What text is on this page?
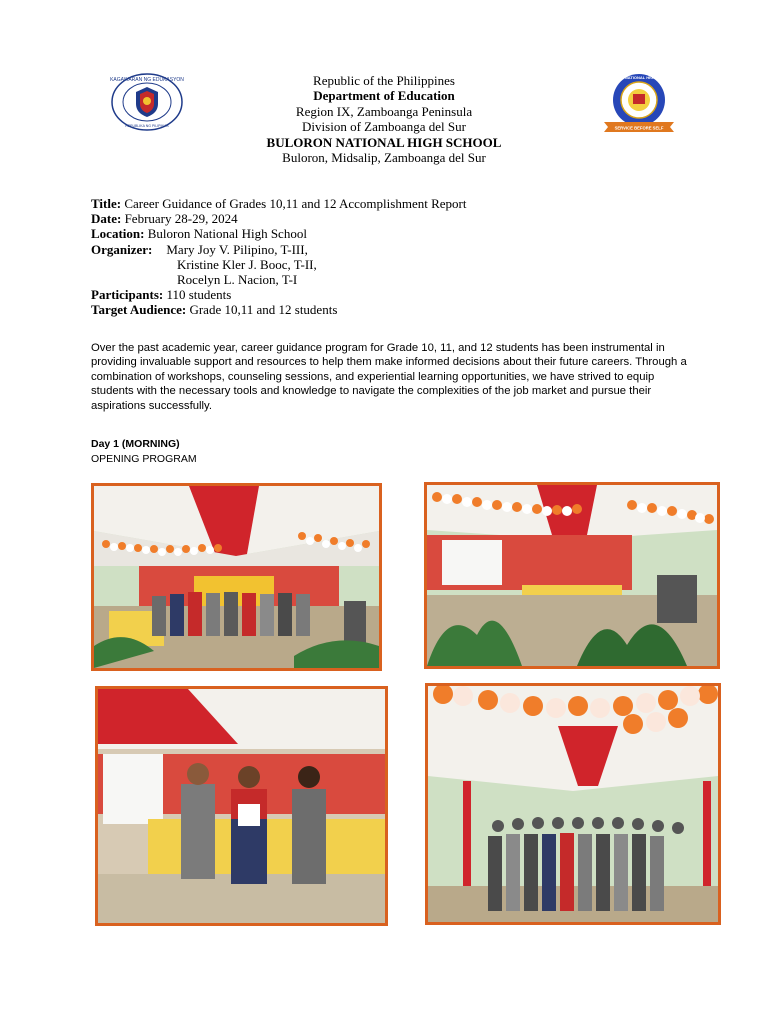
KAGAWARAN NG EDUKASYON
REPUBLIKA NG PILIPINAS
BULORON NATIONAL HIGH SCHOOL
SERVICE BEFORE SELF
Republic of the Philippines
Department of Education
Region IX, Zamboanga Peninsula
Division of Zamboanga del Sur
BULORON NATIONAL HIGH SCHOOL
Buloron, Midsalip, Zamboanga del Sur
Title: Career Guidance of Grades 10,11 and 12 Accomplishment Report
Date: February 28-29, 2024
Location: Buloron National High School
Organizer: Mary Joy V. Pilipino, T-III,
Kristine Kler J. Booc, T-II,
Rocelyn L. Nacion, T-I
Participants: 110 students
Target Audience: Grade 10,11 and 12 students
Over the past academic year, career guidance program for Grade 10, 11, and 12 students has been instrumental in providing invaluable support and resources to help them make informed decisions about their future careers. Through a combination of workshops, counseling sessions, and experiential learning opportunities, we have strived to equip students with the necessary tools and knowledge to navigate the complexities of the job market and pursue their aspirations successfully.
Day 1 (MORNING)
OPENING PROGRAM
